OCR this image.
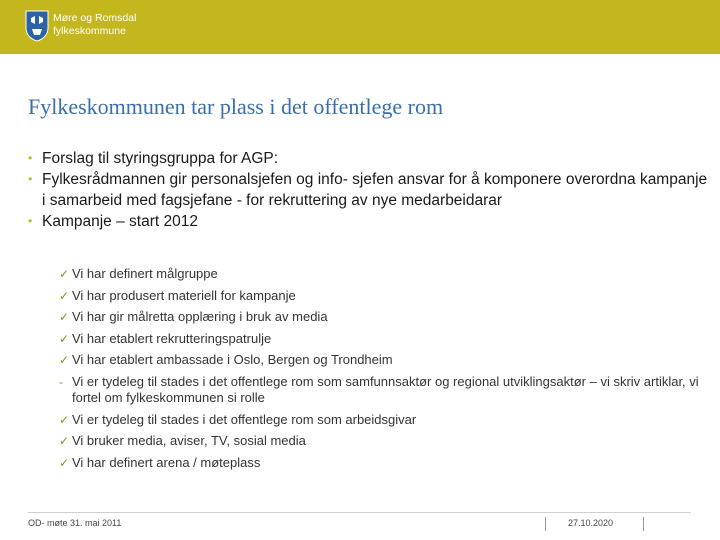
Møre og Romsdal
fylkeskommune
Fylkeskommunen tar plass i det offentlege rom
• Forslag til styringsgruppa for AGP:
• Fylkesrådmannen gir personalsjefen og info- sjefen ansvar for å komponere overordna kampanje i samarbeid med fagsjefane - for rekruttering av nye medarbeidarar
• Kampanje – start 2012
✓ Vi har definert målgruppe
✓ Vi har produsert materiell for kampanje
✓ Vi har gir målretta opplæring i bruk av media
✓ Vi har etablert rekrutteringspatrulje
✓ Vi har etablert ambassade i Oslo, Bergen og Trondheim
- Vi er tydeleg til stades i det offentlege rom som samfunnsaktør og regional utviklingsaktør – vi skriv artiklar, vi fortel om fylkeskommunen si rolle
✓ Vi er tydeleg til stades i det offentlege rom som arbeidsgivar
✓ Vi bruker media, aviser, TV, sosial media
✓ Vi har definert arena / møteplass
OD- møte 31. mai 2011	27.10.2020
